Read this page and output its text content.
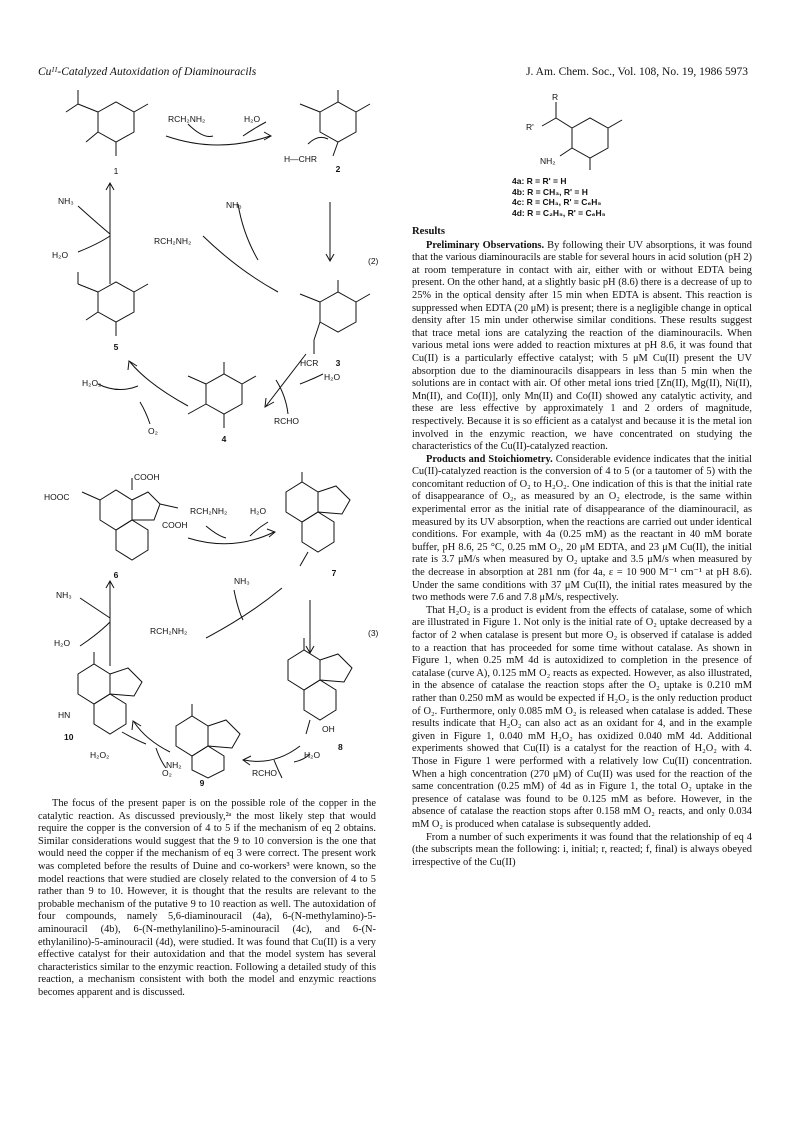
Cuᴵᴵ-Catalyzed Autoxidation of Diaminouracils	J. Am. Chem. Soc., Vol. 108, No. 19, 1986 5973
RCH₂NH₂	H₂O
1	2
H—CHR
NH₃	NH₃
RCH₂NH₂
H₂O
(2)
5
HCR 3
H₂O₂
O₂
H₂O
RCHO
4
HOOC
COOH
COOH
RCH₂NH₂	H₂O
6	7
NH₃
NH₃
RCH₂NH₂
H₂O
(3)
HN
10
H₂O₂
O₂
OH
8
H₂O
RCHO
NH₂
9
R
R'
NH₂
4a: R = R' = H
4b: R = CH₃, R' = H
4c: R = CH₃, R' = C₆H₅
4d: R = C₂H₅, R' = C₆H₅

The focus of the present paper is on the possible role of the copper in the catalytic reaction. As discussed previously,²ᵃ the most likely step that would require the copper is the conversion of 4 to 5 if the mechanism of eq 2 obtains. Similar considerations would suggest that the 9 to 10 conversion is the one that would need the copper if the mechanism of eq 3 were correct. The present work was completed before the results of Duine and co-workers³ were known, so the model reactions that were studied are closely related to the conversion of 4 to 5 rather than 9 to 10. However, it is thought that the results are relevant to the probable mechanism of the putative 9 to 10 reaction as well. The autoxidation of four compounds, namely 5,6-diaminouracil (4a), 6-(N-methylamino)-5-aminouracil (4b), 6-(N-methylanilino)-5-aminouracil (4c), and 6-(N-ethylanilino)-5-aminouracil (4d), were studied. It was found that Cu(II) is a very effective catalyst for their autoxidation and that the model system has several characteristics similar to the enzymic reaction. Following a detailed study of this reaction, a mechanism consistent with both the model and enzymic reactions becomes apparent and is discussed.

Results

Preliminary Observations. By following their UV absorptions, it was found that the various diaminouracils are stable for several hours in acid solution (pH 2) at room temperature in contact with air, either with or without EDTA being present. On the other hand, at a slightly basic pH (8.6) there is a decrease of up to 25% in the optical density after 15 min when EDTA is absent. This reaction is suppressed when EDTA (20 μM) is present; there is a negligible change in optical density after 15 min under otherwise similar conditions. These results suggest that trace metal ions are catalyzing the reaction of the diaminouracils. When various metal ions were added to reaction mixtures at pH 8.6, it was found that Cu(II) is a particularly effective catalyst; with 5 μM Cu(II) present the UV absorption due to the diaminouracils disappears in less than 5 min when the solutions are in contact with air. Of other metal ions tried [Zn(II), Mg(II), Ni(II), Mn(II), and Co(II)], only Mn(II) and Co(II) showed any catalytic activity, and these are less effective by approximately 1 and 2 orders of magnitude, respectively. Because it is so efficient as a catalyst and because it is the metal ion involved in the enzymic reaction, we have concentrated on studying the characteristics of the Cu(II)-catalyzed reaction.

Products and Stoichiometry. Considerable evidence indicates that the initial Cu(II)-catalyzed reaction is the conversion of 4 to 5 (or a tautomer of 5) with the concomitant reduction of O₂ to H₂O₂. One indication of this is that the initial rate of disappearance of O₂, as measured by an O₂ electrode, is the same within experimental error as the initial rate of disappearance of the diaminouracil, as measured by its UV absorption, when the reactions are carried out under identical conditions. For example, with 4a (0.25 mM) as the reactant in 40 mM borate buffer, pH 8.6, 25 °C, 0.25 mM O₂, 20 μM EDTA, and 23 μM Cu(II), the initial rate is 3.7 μM/s when measured by O₂ uptake and 3.5 μM/s when measured by the decrease in absorption at 281 nm (for 4a, ε = 10 900 M⁻¹ cm⁻¹ at pH 8.6). Under the same conditions with 37 μM Cu(II), the initial rates measured by the two methods were 7.6 and 7.8 μM/s, respectively.

That H₂O₂ is a product is evident from the effects of catalase, some of which are illustrated in Figure 1. Not only is the initial rate of O₂ uptake decreased by a factor of 2 when catalase is present but more O₂ is observed if catalase is added to a reaction that has proceeded for some time without catalase. As shown in Figure 1, when 0.25 mM 4d is autoxidized to completion in the presence of catalase (curve A), 0.125 mM O₂ reacts as expected. However, as also illustrated, in the absence of catalase the reaction stops after the O₂ uptake is 0.210 mM rather than 0.250 mM as would be expected if H₂O₂ is the only reduction product of O₂. Furthermore, only 0.085 mM O₂ is released when catalase is added. These results indicate that H₂O₂ can also act as an oxidant for 4, and in the example given in Figure 1, 0.040 mM H₂O₂ has oxidized 0.040 mM 4d. Additional experiments showed that Cu(II) is a catalyst for the reaction of H₂O₂ with 4. Those in Figure 1 were performed with a relatively low Cu(II) concentration. When a high concentration (270 μM) of Cu(II) was used for the reaction of the same concentration (0.25 mM) of 4d as in Figure 1, the total O₂ uptake in the presence of catalase was found to be 0.125 mM as before. However, in the absence of catalase the reaction stops after 0.158 mM O₂ reacts, and only 0.034 mM O₂ is produced when catalase is subsequently added.

From a number of such experiments it was found that the relationship of eq 4 (the subscripts mean the following: i, initial; r, reacted; f, final) is always obeyed irrespective of the Cu(II)
